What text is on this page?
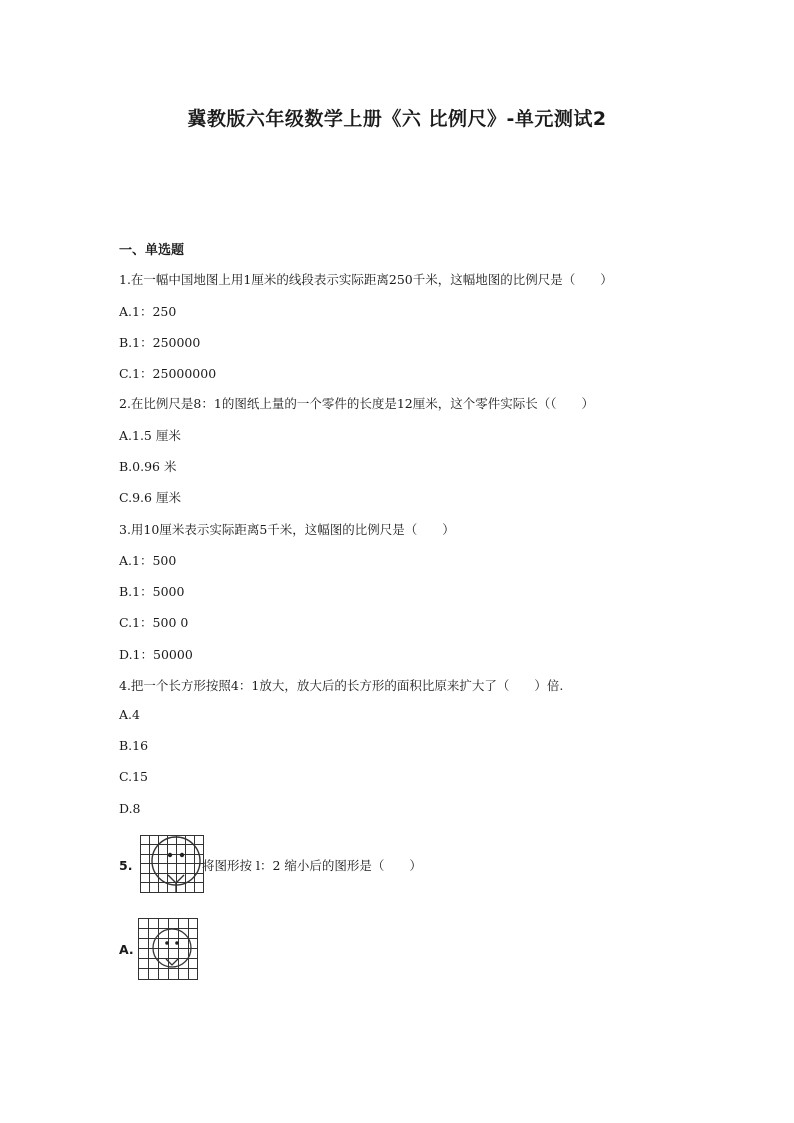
冀教版六年级数学上册《六 比例尺》-单元测试2
一、单选题
1.在一幅中国地图上用1厘米的线段表示实际距离250千米，这幅地图的比例尺是（　　）
A.1：250
B.1：250000
C.1：25000000
2.在比例尺是8：1的图纸上量的一个零件的长度是12厘米，这个零件实际长（（　　）
A.1.5 厘米
B.0.96 米
C.9.6 厘米
3.用10厘米表示实际距离5千米，这幅图的比例尺是（　　）
A.1：500
B.1：5000
C.1：500 0
D.1：50000
4.把一个长方形按照4：1放大，放大后的长方形的面积比原来扩大了（　　）倍.
A.4
B.16
C.15
D.8
5.	将图形按 l：2 缩小后的图形是（　　）
A.
